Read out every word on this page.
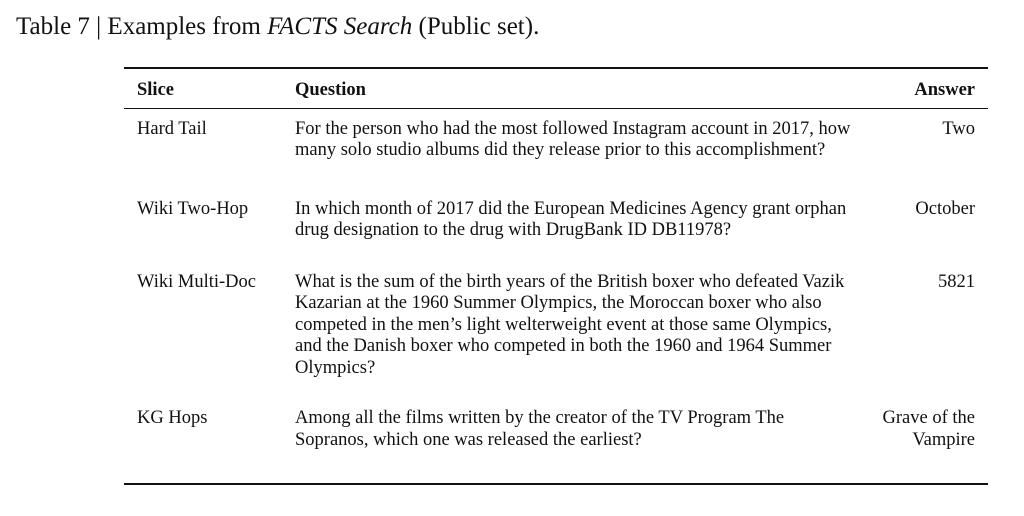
Table 7 | Examples from FACTS Search (Public set).
Slice	Question	Answer
Hard Tail	For the person who had the most followed Instagram account in 2017, how many solo studio albums did they release prior to this accomplishment?	Two
Wiki Two-Hop	In which month of 2017 did the European Medicines Agency grant orphan drug designation to the drug with DrugBank ID DB11978?	October
Wiki Multi-Doc	What is the sum of the birth years of the British boxer who defeated Vazik Kazarian at the 1960 Summer Olympics, the Moroccan boxer who also competed in the men’s light welterweight event at those same Olympics, and the Danish boxer who competed in both the 1960 and 1964 Summer Olympics?	5821
KG Hops	Among all the films written by the creator of the TV Program The Sopranos, which one was released the earliest?	Grave of the Vampire
